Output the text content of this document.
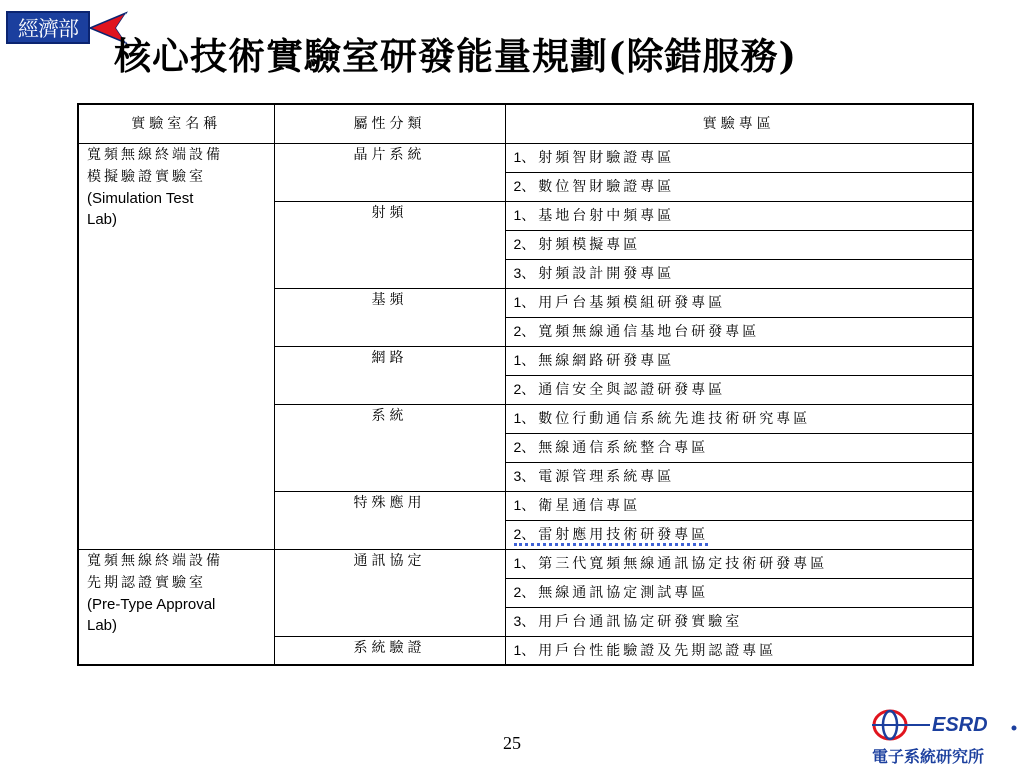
經濟部
核心技術實驗室研發能量規劃(除錯服務)
實驗室名稱	屬性分類	實驗專區

寬頻無線終端設備
模擬驗證實驗室
(Simulation Test
Lab)	晶片系統	1、射頻智財驗證專區
		2、數位智財驗證專區
	射頻	1、基地台射中頻專區
		2、射頻模擬專區
		3、射頻設計開發專區
	基頻	1、用戶台基頻模組研發專區
		2、寬頻無線通信基地台研發專區
	網路	1、無線網路研發專區
		2、通信安全與認證研發專區
	系統	1、數位行動通信系統先進技術研究專區
		2、無線通信系統整合專區
		3、電源管理系統專區
	特殊應用	1、衛星通信專區
		2、雷射應用技術研發專區

寬頻無線終端設備
先期認證實驗室
(Pre-Type Approval
Lab)	通訊協定	1、第三代寬頻無線通訊協定技術研發專區
		2、無線通訊協定測試專區
		3、用戶台通訊協定研發實驗室
	系統驗證	1、用戶台性能驗證及先期認證專區
25
ESRD
電子系統研究所
